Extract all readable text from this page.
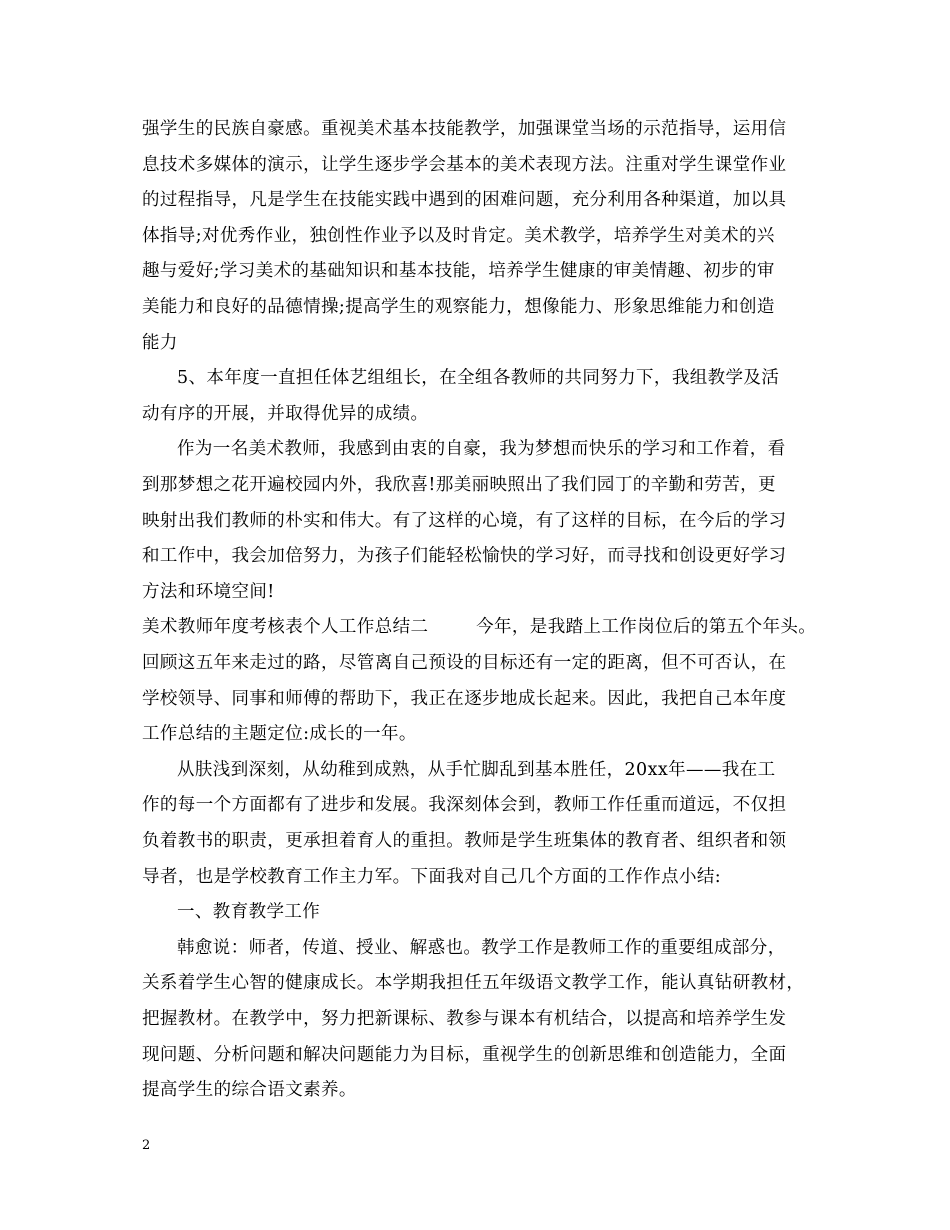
强学生的民族自豪感。重视美术基本技能教学，加强课堂当场的示范指导，运用信
息技术多媒体的演示，让学生逐步学会基本的美术表现方法。注重对学生课堂作业
的过程指导，凡是学生在技能实践中遇到的困难问题，充分利用各种渠道，加以具
体指导;对优秀作业，独创性作业予以及时肯定。美术教学，培养学生对美术的兴
趣与爱好;学习美术的基础知识和基本技能，培养学生健康的审美情趣、初步的审
美能力和良好的品德情操;提高学生的观察能力，想像能力、形象思维能力和创造
能力
5、本年度一直担任体艺组组长，在全组各教师的共同努力下，我组教学及活
动有序的开展，并取得优异的成绩。
作为一名美术教师，我感到由衷的自豪，我为梦想而快乐的学习和工作着，看
到那梦想之花开遍校园内外，我欣喜!那美丽映照出了我们园丁的辛勤和劳苦，更
映射出我们教师的朴实和伟大。有了这样的心境，有了这样的目标，在今后的学习
和工作中，我会加倍努力，为孩子们能轻松愉快的学习好，而寻找和创设更好学习
方法和环境空间!
美术教师年度考核表个人工作总结二        今年，是我踏上工作岗位后的第五个年头。
回顾这五年来走过的路，尽管离自己预设的目标还有一定的距离，但不可否认，在
学校领导、同事和师傅的帮助下，我正在逐步地成长起来。因此，我把自己本年度
工作总结的主题定位:成长的一年。
从肤浅到深刻，从幼稚到成熟，从手忙脚乱到基本胜任，20xx年——我在工
作的每一个方面都有了进步和发展。我深刻体会到，教师工作任重而道远，不仅担
负着教书的职责，更承担着育人的重担。教师是学生班集体的教育者、组织者和领
导者，也是学校教育工作主力军。下面我对自己几个方面的工作作点小结:
一、教育教学工作
韩愈说：师者，传道、授业、解惑也。教学工作是教师工作的重要组成部分，
关系着学生心智的健康成长。本学期我担任五年级语文教学工作，能认真钻研教材，
把握教材。在教学中，努力把新课标、教参与课本有机结合，以提高和培养学生发
现问题、分析问题和解决问题能力为目标，重视学生的创新思维和创造能力，全面
提高学生的综合语文素养。
2
